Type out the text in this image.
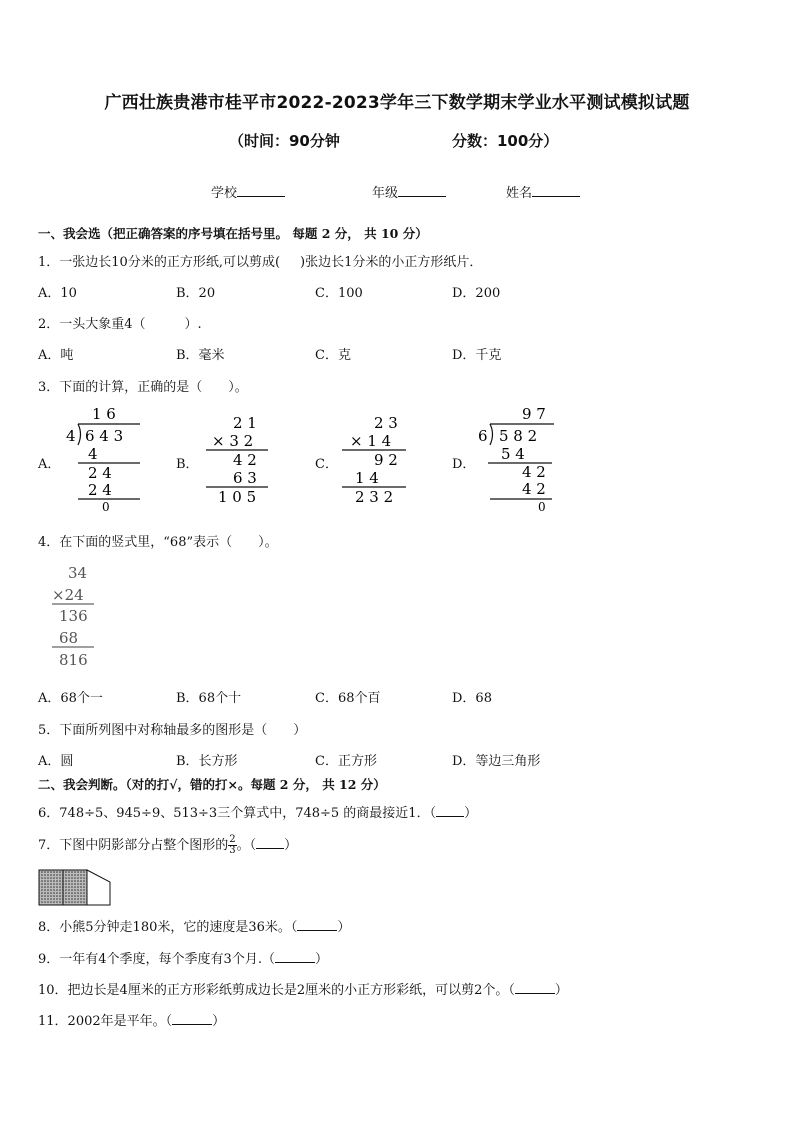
广西壮族贵港市桂平市2022-2023学年三下数学期末学业水平测试模拟试题
（时间：90分钟	分数：100分）
学校	年级	姓名
一、我会选（把正确答案的序号填在括号里。 每题 2 分， 共 10 分）
1．一张边长10分米的正方形纸,可以剪成( )张边长1分米的小正方形纸片．
A．10	B．20	C．100	D．200
2．一头大象重4（　　　）.
A．吨	B．毫米	C．克	D．千克
3．下面的计算，正确的是（　　）。
A．	B．	C．	D．
1 6
4 6 4 3
4
2 4
2 4
0
2 1
× 3 2
4 2
6 3
1 0 5
2 3
× 1 4
9 2
1 4
2 3 2
9 7
6 5 8 2
5 4
4 2
4 2
0
4．在下面的竖式里，“68”表示（　　）。
34
×24
136
68
816
A．68个一	B．68个十	C．68个百	D．68
5．下面所列图中对称轴最多的图形是（　　）
A．圆	B．长方形	C．正方形	D．等边三角形
二、我会判断。（对的打√，错的打×。每题 2 分， 共 12 分）
6．748÷5、945÷9、513÷3三个算式中，748÷5 的商最接近1．（ ）
7．下图中阴影部分占整个图形的 $\frac{2}{3}$ 。（ ）
8．小熊5分钟走180米，它的速度是36米。（	）
9．一年有4个季度，每个季度有3个月.（	）
10．把边长是4厘米的正方形彩纸剪成边长是2厘米的小正方形彩纸，可以剪2个。（	）
11．2002年是平年。（	）
